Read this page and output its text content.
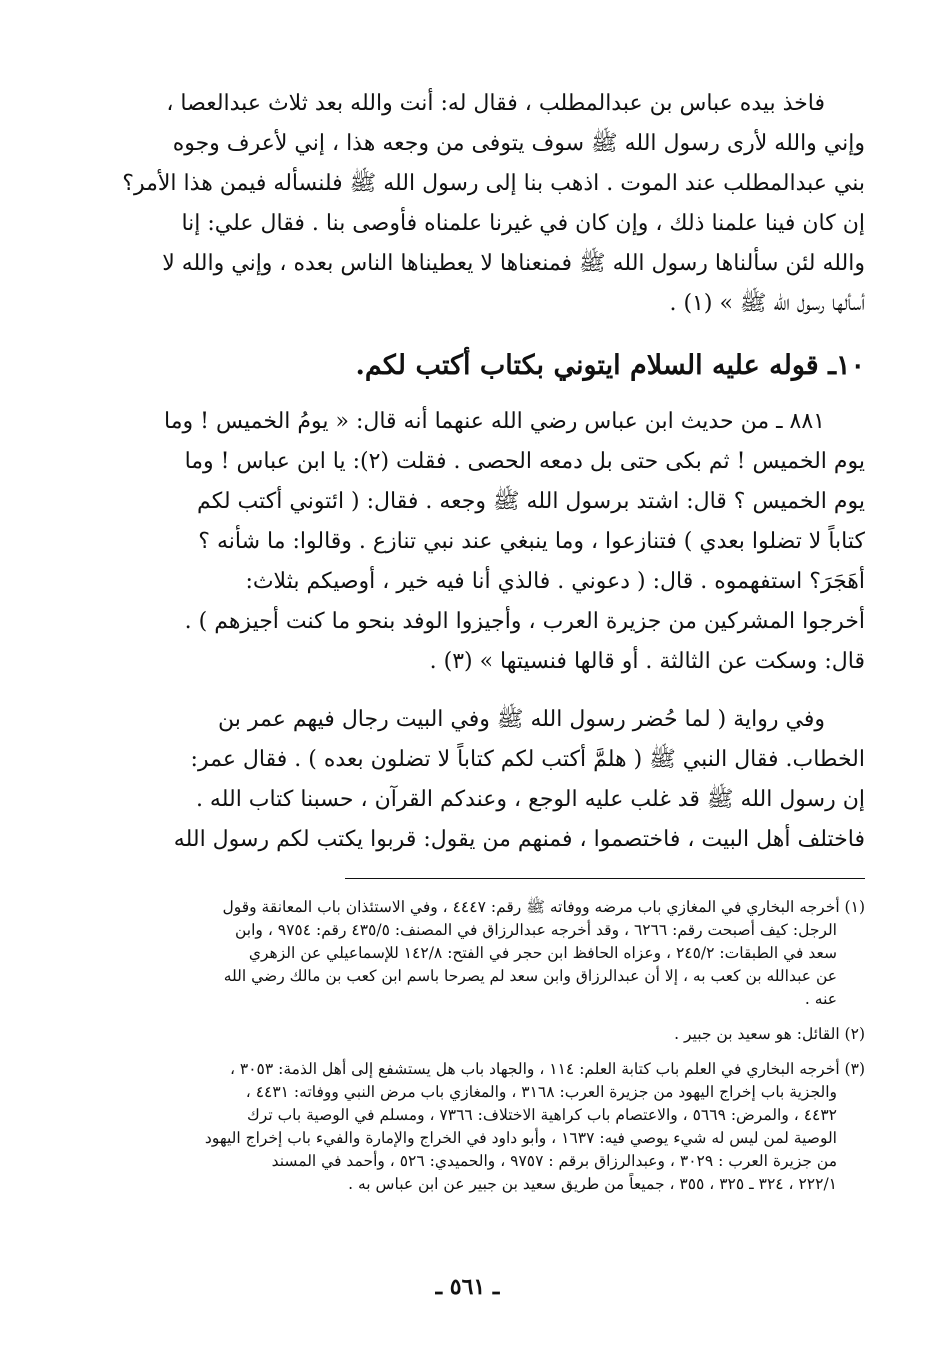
فاخذ بيده عباس بن عبدالمطلب ، فقال له: أنت والله بعد ثلاث عبدالعصا ،
وإني والله لأرى رسول الله ﷺ سوف يتوفى من وجعه هذا ، إني لأعرف وجوه
بني عبدالمطلب عند الموت . اذهب بنا إلى رسول الله ﷺ فلنسأله فيمن هذا الأمر؟
إن كان فينا علمنا ذلك ، وإن كان في غيرنا علمناه فأوصى بنا . فقال علي: إنا
والله لئن سألناها رسول الله ﷺ فمنعناها لا يعطيناها الناس بعده ، وإني والله لا
أسألها رسول الله ﷺ » (١) .
١٠ـ قوله عليه السلام ايتوني بكتاب أكتب لكم.
٨٨١ ـ من حديث ابن عباس رضي الله عنهما أنه قال: « يومُ الخميس ! وما
يوم الخميس ! ثم بكى حتى بل دمعه الحصى . فقلت (٢): يا ابن عباس ! وما
يوم الخميس ؟ قال: اشتد برسول الله ﷺ وجعه . فقال: ( ائتوني أكتب لكم
كتاباً لا تضلوا بعدي ) فتنازعوا ، وما ينبغي عند نبي تنازع . وقالوا: ما شأنه ؟
أهَجَرَ؟ استفهموه . قال: ( دعوني . فالذي أنا فيه خير ، أوصيكم بثلاث:
أخرجوا المشركين من جزيرة العرب ، وأجيزوا الوفد بنحو ما كنت أجيزهم ) .
قال: وسكت عن الثالثة . أو قالها فنسيتها » (٣) .
وفي رواية ( لما حُضر رسول الله ﷺ وفي البيت رجال فيهم عمر بن
الخطاب. فقال النبي ﷺ ( هلمَّ أكتب لكم كتاباً لا تضلون بعده ) . فقال عمر:
إن رسول الله ﷺ قد غلب عليه الوجع ، وعندكم القرآن ، حسبنا كتاب الله .
فاختلف أهل البيت ، فاختصموا ، فمنهم من يقول: قربوا يكتب لكم رسول الله
(١) أخرجه البخاري في المغازي باب مرضه ووفاته ﷺ رقم: ٤٤٤٧ ، وفي الاستئذان باب المعانقة وقول
الرجل: كيف أصبحت رقم: ٦٢٦٦ ، وقد أخرجه عبدالرزاق في المصنف: ٤٣٥/٥ رقم: ٩٧٥٤ ، وابن
سعد في الطبقات: ٢٤٥/٢ ، وعزاه الحافظ ابن حجر في الفتح: ١٤٢/٨ للإسماعيلي عن الزهري
عن عبدالله بن كعب به ، إلا أن عبدالرزاق وابن سعد لم يصرحا باسم ابن كعب بن مالك رضي الله
عنه .
(٢) القائل: هو سعيد بن جبير .
(٣) أخرجه البخاري في العلم باب كتابة العلم: ١١٤ ، والجهاد باب هل يستشفع إلى أهل الذمة: ٣٠٥٣ ،
والجزية باب إخراج اليهود من جزيرة العرب: ٣١٦٨ ، والمغازي باب مرض النبي ووفاته: ٤٤٣١ ،
٤٤٣٢ ، والمرض: ٥٦٦٩ ، والاعتصام باب كراهية الاختلاف: ٧٣٦٦ ، ومسلم في الوصية باب ترك
الوصية لمن ليس له شيء يوصي فيه: ١٦٣٧ ، وأبو داود في الخراج والإمارة والفيء باب إخراج اليهود
من جزيرة العرب : ٣٠٢٩ ، وعبدالرزاق برقم : ٩٧٥٧ ، والحميدي: ٥٢٦ ، وأحمد في المسند
٢٢٢/١ ، ٣٢٤ ـ ٣٢٥ ، ٣٥٥ ، جميعاً من طريق سعيد بن جبير عن ابن عباس به .
ـ ٥٦١ ـ
